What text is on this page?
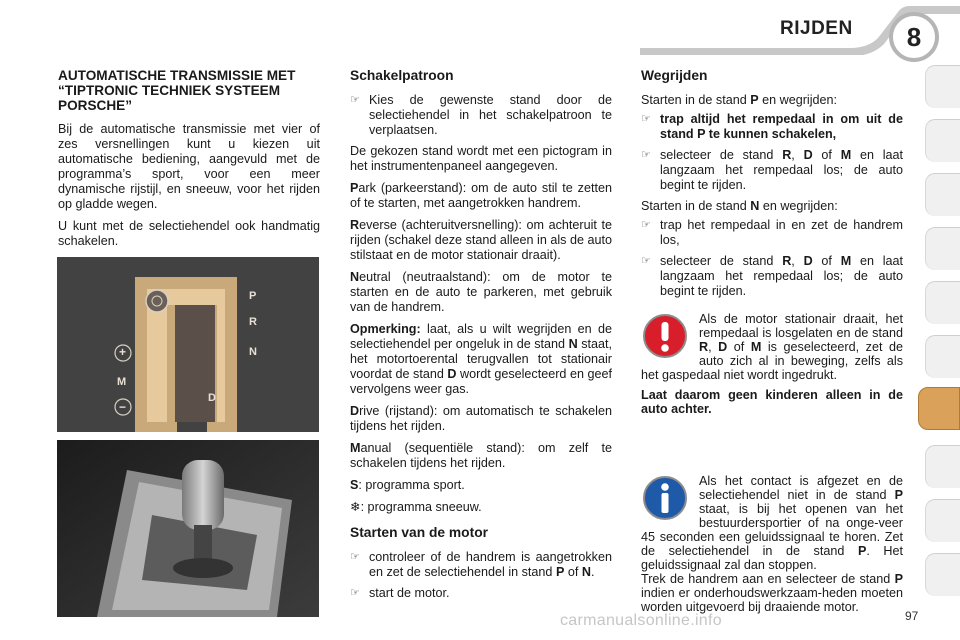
RIJDEN	8
AUTOMATISCHE TRANSMISSIE MET “TIPTRONIC TECHNIEK SYSTEEM PORSCHE”

Bij de automatische transmissie met vier of zes versnellingen kunt u kiezen uit automatische bediening, aangevuld met de programma’s sport, voor een meer dynamische rijstijl, en sneeuw, voor het rijden op gladde wegen.

U kunt met de selectiehendel ook handmatig schakelen.

P
R
N
+
M
−
D
Schakelpatroon
☞ Kies de gewenste stand door de selectiehendel in het schakelpatroon te verplaatsen.

De gekozen stand wordt met een pictogram in het instrumentenpaneel aangegeven.

Park (parkeerstand): om de auto stil te zetten of te starten, met aangetrokken handrem.

Reverse (achteruitversnelling): om achteruit te rijden (schakel deze stand alleen in als de auto stilstaat en de motor stationair draait).

Neutral (neutraalstand): om de motor te starten en de auto te parkeren, met gebruik van de handrem.

Opmerking: laat, als u wilt wegrijden en de selectiehendel per ongeluk in de stand N staat, het motortoerental terugvallen tot stationair voordat de stand D wordt geselecteerd en geef vervolgens weer gas.

Drive (rijstand): om automatisch te schakelen tijdens het rijden.

Manual (sequentiële stand): om zelf te schakelen tijdens het rijden.

S: programma sport.

❄: programma sneeuw.

Starten van de motor
☞ controleer of de handrem is aangetrokken en zet de selectiehendel in stand P of N.
☞ start de motor.
Wegrijden

Starten in de stand P en wegrijden:

☞ trap altijd het rempedaal in om uit de stand P te kunnen schakelen,
☞ selecteer de stand R, D of M en laat langzaam het rempedaal los; de auto begint te rijden.

Starten in de stand N en wegrijden:

☞ trap het rempedaal in en zet de handrem los,
☞ selecteer de stand R, D of M en laat langzaam het rempedaal los; de auto begint te rijden.

Als de motor stationair draait, het rempedaal is losgelaten en de stand R, D of M is geselecteerd, zet de auto zich al in beweging, zelfs als het gaspedaal niet wordt ingedrukt.

Laat daarom geen kinderen alleen in de auto achter.

Als het contact is afgezet en de selectiehendel niet in de stand P staat, is bij het openen van het bestuurdersportier of na onge-veer 45 seconden een geluidssignaal te horen. Zet de selectiehendel in de stand P. Het geluidssignaal zal dan stoppen.

Trek de handrem aan en selecteer de stand P indien er onderhoudswerkzaam-heden moeten worden uitgevoerd bij draaiende motor.

carmanualsonline.info	97
